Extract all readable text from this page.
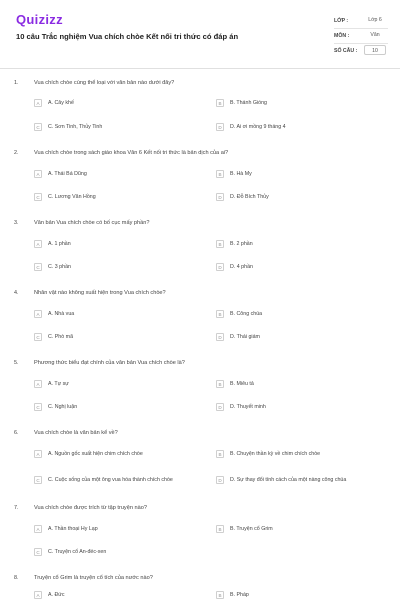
Quizizz
10 câu Trắc nghiệm Vua chích chòe Kết nối tri thức có đáp án
LỚP :	Lớp 6
MÔN :	Văn
SỐ CÂU :	10
1.	Vua chích chòe cùng thể loại với văn bản nào dưới đây?
A	A. Cây khế	B	B. Thánh Gióng
C	C. Sơn Tinh, Thủy Tinh	D	D. Ai ơi mồng 9 tháng 4
2.	Vua chích chòe trong sách giáo khoa Văn 6 Kết nối tri thức là bản dịch của ai?
A	A. Thái Bá Dũng	B	B. Hà My
C	C. Lương Văn Hồng	D	D. Đỗ Bích Thủy
3.	Văn bản Vua chích chòe có bố cục mấy phần?
A	A. 1 phần	B	B. 2 phần
C	C. 3 phần	D	D. 4 phần
4.	Nhân vật nào không xuất hiện trong Vua chích chòe?
A	A. Nhà vua	B	B. Công chúa
C	C. Phò mã	D	D. Thái giám
5.	Phương thức biểu đạt chính của văn bản Vua chích chòe là?
A	A. Tự sự	B	B. Miêu tả
C	C. Nghị luận	D	D. Thuyết minh
6.	Vua chích chòe là văn bản kể về?
A	A. Nguồn gốc xuất hiện chim chích chòe	B	B. Chuyện thần kỳ về chim chích chòe
C	C. Cuộc sống của một ông vua hóa thành chích chòe	D	D. Sự thay đổi tính cách của một nàng công chúa
7.	Vua chích chòe được trích từ tập truyện nào?
A	A. Thần thoại Hy Lạp	B	B. Truyện cổ Grim
C	C. Truyện cổ An-đéc-xen
8.	Truyện cổ Grim là truyện cổ tích của nước nào?
A	A. Đức	B	B. Pháp
